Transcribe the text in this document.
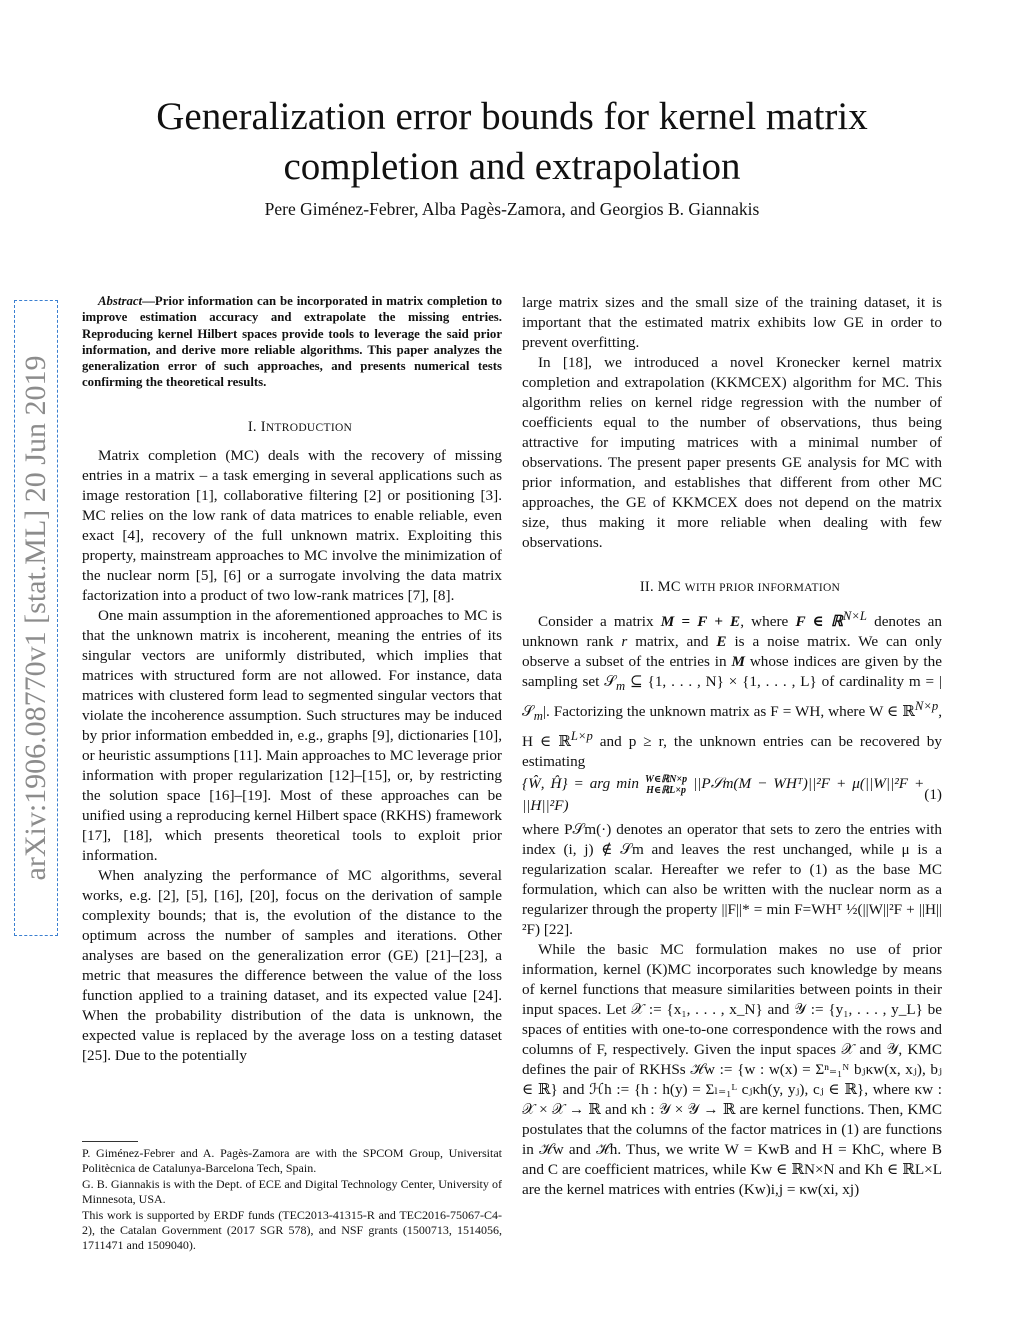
arXiv:1906.08770v1 [stat.ML] 20 Jun 2019
Generalization error bounds for kernel matrix
completion and extrapolation

Pere Giménez-Febrer, Alba Pagès-Zamora, and Georgios B. Giannakis

Abstract—Prior information can be incorporated in matrix completion to improve estimation accuracy and extrapolate the missing entries. Reproducing kernel Hilbert spaces provide tools to leverage the said prior information, and derive more reliable algorithms. This paper analyzes the generalization error of such approaches, and presents numerical tests confirming the theoretical results.

I. INTRODUCTION

Matrix completion (MC) deals with the recovery of missing entries in a matrix – a task emerging in several applications such as image restoration [1], collaborative filtering [2] or positioning [3]. MC relies on the low rank of data matrices to enable reliable, even exact [4], recovery of the full unknown matrix. Exploiting this property, mainstream approaches to MC involve the minimization of the nuclear norm [5], [6] or a surrogate involving the data matrix factorization into a product of two low-rank matrices [7], [8].

One main assumption in the aforementioned approaches to MC is that the unknown matrix is incoherent, meaning the entries of its singular vectors are uniformly distributed, which implies that matrices with structured form are not allowed. For instance, data matrices with clustered form lead to segmented singular vectors that violate the incoherence assumption. Such structures may be induced by prior information embedded in, e.g., graphs [9], dictionaries [10], or heuristic assumptions [11]. Main approaches to MC leverage prior information with proper regularization [12]–[15], or, by restricting the solution space [16]–[19]. Most of these approaches can be unified using a reproducing kernel Hilbert space (RKHS) framework [17], [18], which presents theoretical tools to exploit prior information.

When analyzing the performance of MC algorithms, several works, e.g. [2], [5], [16], [20], focus on the derivation of sample complexity bounds; that is, the evolution of the distance to the optimum across the number of samples and iterations. Other analyses are based on the generalization error (GE) [21]–[23], a metric that measures the difference between the value of the loss function applied to a training dataset, and its expected value [24]. When the probability distribution of the data is unknown, the expected value is replaced by the average loss on a testing dataset [25]. Due to the potentially

P. Giménez-Febrer and A. Pagès-Zamora are with the SPCOM Group, Universitat Politècnica de Catalunya-Barcelona Tech, Spain.

G. B. Giannakis is with the Dept. of ECE and Digital Technology Center, University of Minnesota, USA.

This work is supported by ERDF funds (TEC2013-41315-R and TEC2016-75067-C4-2), the Catalan Government (2017 SGR 578), and NSF grants (1500713, 1514056, 1711471 and 1509040).

large matrix sizes and the small size of the training dataset, it is important that the estimated matrix exhibits low GE in order to prevent overfitting.

In [18], we introduced a novel Kronecker kernel matrix completion and extrapolation (KKMCEX) algorithm for MC. This algorithm relies on kernel ridge regression with the number of coefficients equal to the number of observations, thus being attractive for imputing matrices with a minimal number of observations. The present paper presents GE analysis for MC with prior information, and establishes that different from other MC approaches, the GE of KKMCEX does not depend on the matrix size, thus making it more reliable when dealing with few observations.

II. MC WITH PRIOR INFORMATION

Consider a matrix M = F + E, where F ∈ ℝ$^{N\times L}$ denotes an unknown rank r matrix, and E is a noise matrix. We can only observe a subset of the entries in M whose indices are given by the sampling set 𝒮$_m$ ⊆ {1, . . . , N} × {1, . . . , L} of cardinality m = |𝒮$_m$|. Factorizing the unknown matrix as F = WH, where W ∈ ℝ$^{N\times p}$, H ∈ ℝ$^{L\times p}$ and p ≥ r, the unknown entries can be recovered by estimating

{Ŵ, Ĥ} = arg min W∈ℝN×p
H∈ℝL×p ||P𝒮m(M − WHᵀ)||²F + μ(||W||²F + ||H||²F)
(1)

where P𝒮m(·) denotes an operator that sets to zero the entries with index (i, j) ∉ 𝒮m and leaves the rest unchanged, while μ is a regularization scalar. Hereafter we refer to (1) as the base MC formulation, which can also be written with the nuclear norm as a regularizer through the property ||F||* = min F=WHᵀ ½(||W||²F + ||H||²F) [22].

While the basic MC formulation makes no use of prior information, kernel (K)MC incorporates such knowledge by means of kernel functions that measure similarities between points in their input spaces. Let 𝒳 := {x₁, . . . , x_N} and 𝒴 := {y₁, . . . , y_L} be spaces of entities with one-to-one correspondence with the rows and columns of F, respectively. Given the input spaces 𝒳 and 𝒴, KMC defines the pair of RKHSs ℋw := {w : w(x) = Σⁿ₌₁ᴺ bⱼκw(x, xⱼ), bⱼ ∈ ℝ} and ℋh := {h : h(y) = Σₗ₌₁ᴸ cⱼκh(y, yⱼ), cⱼ ∈ ℝ}, where κw : 𝒳 × 𝒳 → ℝ and κh : 𝒴 × 𝒴 → ℝ are kernel functions. Then, KMC postulates that the columns of the factor matrices in (1) are functions in ℋw and ℋh. Thus, we write W = KwB and H = KhC, where B and C are coefficient matrices, while Kw ∈ ℝN×N and Kh ∈ ℝL×L are the kernel matrices with entries (Kw)i,j = κw(xi, xj)
